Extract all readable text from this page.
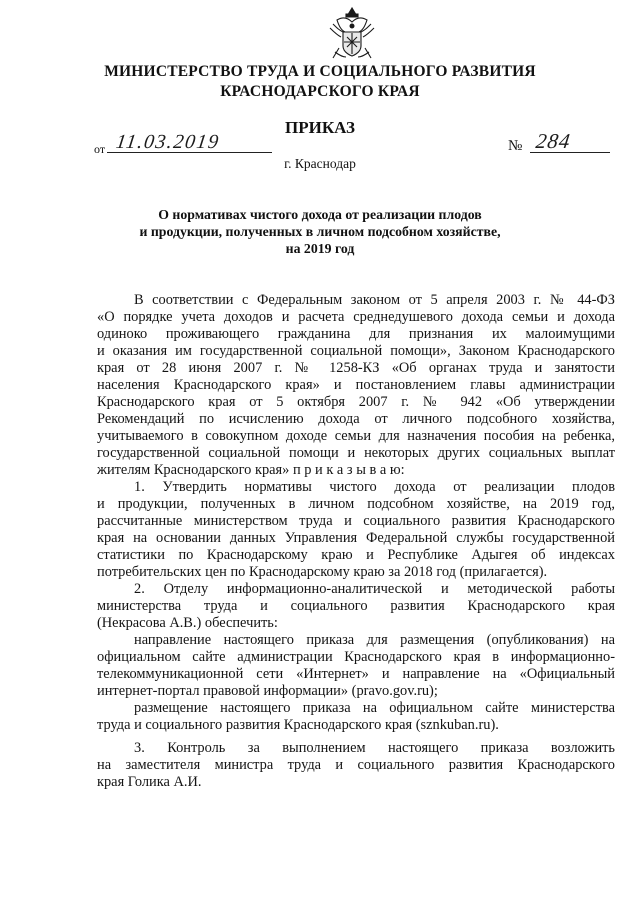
МИНИСТЕРСТВО ТРУДА И СОЦИАЛЬНОГО РАЗВИТИЯ
КРАСНОДАРСКОГО КРАЯ
ПРИКАЗ
от 11.03.2019	№ 284
г. Краснодар
О нормативах чистого дохода от реализации плодов
и продукции, полученных в личном подсобном хозяйстве,
на 2019 год
В соответствии с Федеральным законом от 5 апреля 2003 г. № 44-ФЗ
«О порядке учета доходов и расчета среднедушевого дохода семьи и дохода
одиноко проживающего гражданина для признания их малоимущими
и оказания им государственной социальной помощи», Законом Краснодарского
края от 28 июня 2007 г. № 1258-КЗ «Об органах труда и занятости
населения Краснодарского края» и постановлением главы администрации
Краснодарского края от 5 октября 2007 г. № 942 «Об утверждении
Рекомендаций по исчислению дохода от личного подсобного хозяйства,
учитываемого в совокупном доходе семьи для назначения пособия на ребенка,
государственной социальной помощи и некоторых других социальных выплат
жителям Краснодарского края» п р и к а з ы в а ю:
1. Утвердить нормативы чистого дохода от реализации плодов
и продукции, полученных в личном подсобном хозяйстве, на 2019 год,
рассчитанные министерством труда и социального развития Краснодарского
края на основании данных Управления Федеральной службы государственной
статистики по Краснодарскому краю и Республике Адыгея об индексах
потребительских цен по Краснодарскому краю за 2018 год (прилагается).
2. Отделу информационно-аналитической и методической работы
министерства труда и социального развития Краснодарского края
(Некрасова А.В.) обеспечить:
направление настоящего приказа для размещения (опубликования) на
официальном сайте администрации Краснодарского края в информационно-
телекоммуникационной сети «Интернет» и направление на «Официальный
интернет-портал правовой информации» (pravo.gov.ru);
размещение настоящего приказа на официальном сайте министерства
труда и социального развития Краснодарского края (sznkuban.ru).
3. Контроль за выполнением настоящего приказа возложить
на заместителя министра труда и социального развития Краснодарского
края Голика А.И.
